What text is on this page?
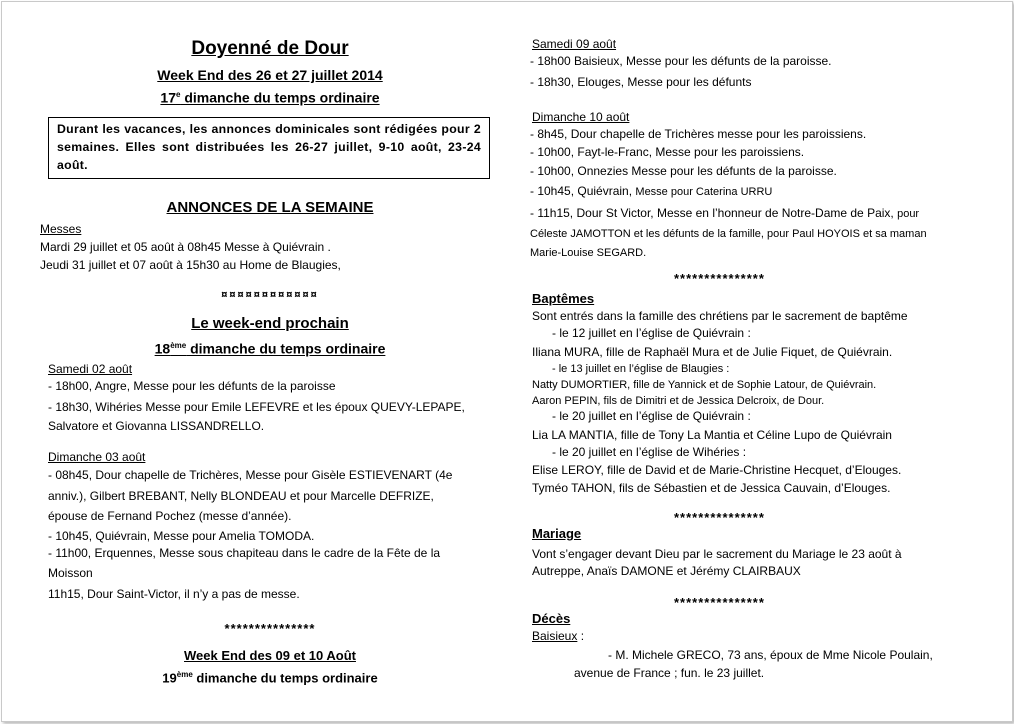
Doyenné de Dour
Week End des 26 et 27 juillet 2014
17e dimanche du temps ordinaire
Durant les vacances, les annonces dominicales sont rédigées pour 2 semaines. Elles sont distribuées les 26-27 juillet, 9-10 août, 23-24 août.
ANNONCES DE LA SEMAINE
Messes
Mardi 29 juillet et 05 août à 08h45 Messe à Quiévrain .
Jeudi 31 juillet et 07 août à 15h30 au Home de Blaugies,
¤¤¤¤¤¤¤¤¤¤¤¤
Le week-end prochain
18ème dimanche du temps ordinaire
Samedi 02 août
- 18h00, Angre, Messe pour les défunts de la paroisse
- 18h30, Wihéries Messe pour Emile LEFEVRE et les époux QUEVY-LEPAPE,
Salvatore et Giovanna LISSANDRELLO.
Dimanche 03 août
- 08h45, Dour chapelle de Trichères, Messe pour Gisèle ESTIEVENART (4e
anniv.), Gilbert BREBANT, Nelly BLONDEAU et pour Marcelle DEFRIZE,
épouse de Fernand Pochez (messe d’année).
- 10h45, Quiévrain, Messe pour Amelia TOMODA.
- 11h00, Erquennes, Messe sous chapiteau dans le cadre de la Fête de la
Moisson
11h15, Dour Saint-Victor, il n’y a pas de messe.
***************
Week End des 09 et 10 Août
19ème dimanche du temps ordinaire
Samedi 09 août
- 18h00 Baisieux, Messe pour les défunts de la paroisse.
- 18h30, Elouges, Messe pour les défunts
Dimanche 10 août
- 8h45, Dour chapelle de Trichères messe pour les paroissiens.
- 10h00, Fayt-le-Franc, Messe pour les paroissiens.
- 10h00, Onnezies Messe pour les défunts de la paroisse.
- 10h45, Quiévrain, Messe pour Caterina URRU
- 11h15, Dour St Victor, Messe en l’honneur de Notre-Dame de Paix, pour
Céleste JAMOTTON et les défunts de la famille, pour Paul HOYOIS et sa maman
Marie-Louise SEGARD.
***************
Baptêmes
Sont entrés dans la famille des chrétiens par le sacrement de baptême
- le 12 juillet en l’église de Quiévrain :
Iliana MURA, fille de Raphaël Mura et de Julie Fiquet, de Quiévrain.
- le 13 juillet en l’église de Blaugies :
Natty DUMORTIER, fille de Yannick et de Sophie Latour, de Quiévrain.
Aaron PEPIN, fils de Dimitri et de Jessica Delcroix, de Dour.
- le 20 juillet en l’église de Quiévrain :
Lia LA MANTIA, fille de Tony La Mantia et Céline Lupo de Quiévrain
- le 20 juillet en l’église de Wihéries :
Elise LEROY, fille de David et de Marie-Christine Hecquet, d’Elouges.
Tyméo TAHON, fils de Sébastien et de Jessica Cauvain, d’Elouges.
***************
Mariage
Vont s’engager devant Dieu par le sacrement du Mariage le 23 août à
Autreppe, Anaïs DAMONE et Jérémy CLAIRBAUX
***************
Décès
Baisieux :
- M. Michele GRECO, 73 ans, époux de Mme Nicole Poulain,
avenue de France ; fun. le 23 juillet.
